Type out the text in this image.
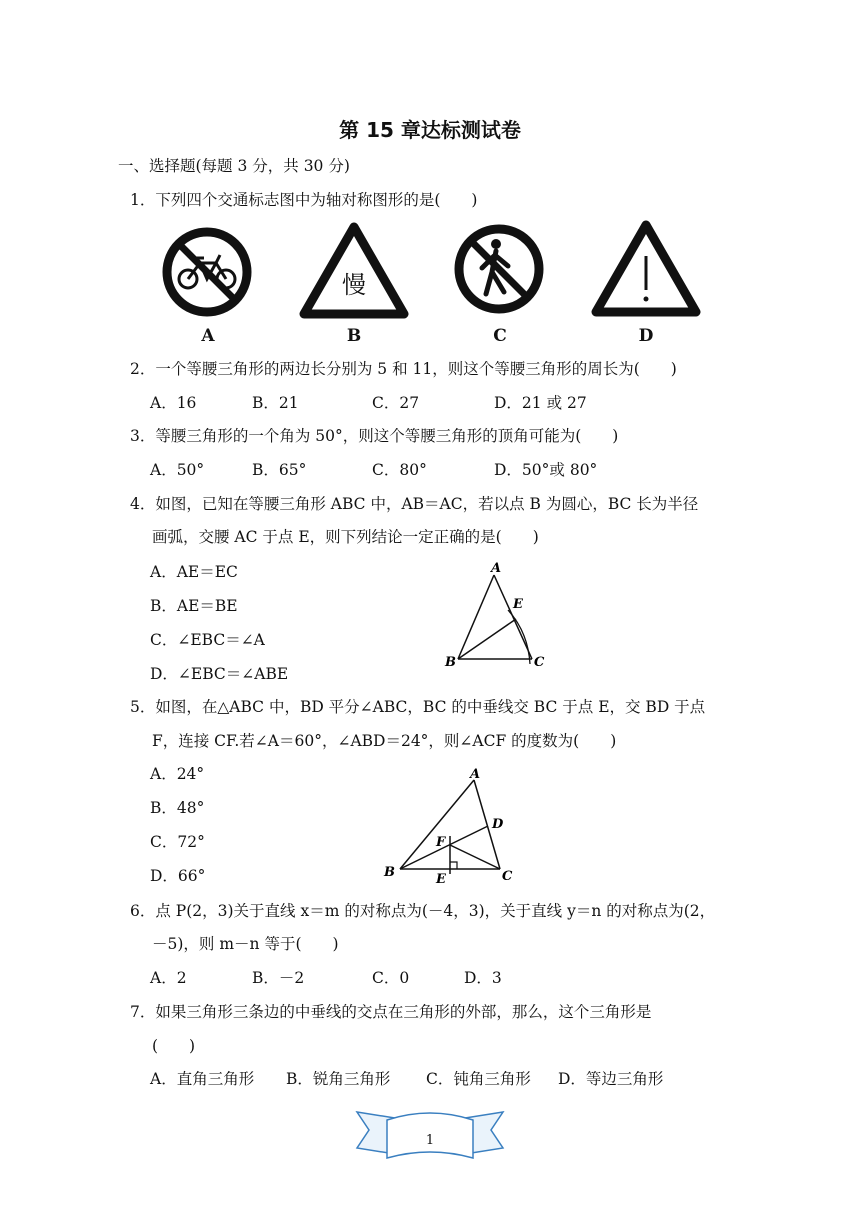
第 15 章达标测试卷
一、选择题(每题 3 分，共 30 分)
1．下列四个交通标志图中为轴对称图形的是(　　)
慢
A	B	C	D
2．一个等腰三角形的两边长分别为 5 和 11，则这个等腰三角形的周长为(　　)
A．16	B．21	C．27	D．21 或 27
3．等腰三角形的一个角为 50°，则这个等腰三角形的顶角可能为(　　)
A．50°	B．65°	C．80°	D．50°或 80°
4．如图，已知在等腰三角形 ABC 中，AB＝AC，若以点 B 为圆心，BC 长为半径
画弧，交腰 AC 于点 E，则下列结论一定正确的是(　　)
A．AE＝EC
B．AE＝BE
C．∠EBC＝∠A
D．∠EBC＝∠ABE
A
B	C
E
5．如图，在△ABC 中，BD 平分∠ABC，BC 的中垂线交 BC 于点 E，交 BD 于点
F，连接 CF.若∠A＝60°，∠ABD＝24°，则∠ACF 的度数为(　　)
A．24°
B．48°
C．72°
D．66°
A
B	C
D
E
F
6．点 P(2，3)关于直线 x＝m 的对称点为(－4，3)，关于直线 y＝n 的对称点为(2，
－5)，则 m－n 等于(　　)
A．2	B．－2	C．0	D．3
7．如果三角形三条边的中垂线的交点在三角形的外部，那么，这个三角形是
(　　)
A．直角三角形 B．锐角三角形 C．钝角三角形 D．等边三角形
1
